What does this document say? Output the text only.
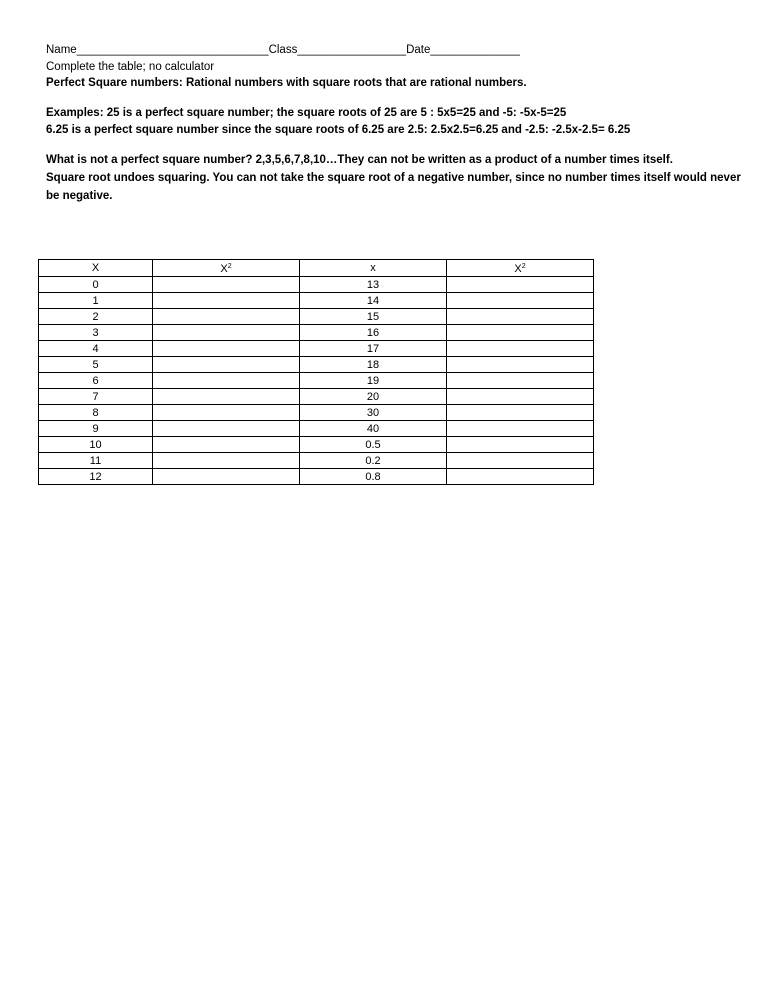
Name______________________________Class_________________Date______________
Complete the table; no calculator
Perfect Square numbers: Rational numbers with square roots that are rational numbers.
Examples: 25 is a perfect square number; the square roots of 25 are 5 : 5x5=25 and -5: -5x-5=25
6.25 is a perfect square number since the square roots of 6.25 are 2.5: 2.5x2.5=6.25 and -2.5: -2.5x-2.5= 6.25
What is not a perfect square number? 2,3,5,6,7,8,10…They can not be written as a product of a number times itself.
Square root undoes squaring. You can not take the square root of a negative number, since no number times itself would never
be negative.
X	$X^2$	x	$X^2$
0		13	
1		14	
2		15	
3		16	
4		17	
5		18	
6		19	
7		20	
8		30	
9		40	
10		0.5	
11		0.2	
12		0.8	
